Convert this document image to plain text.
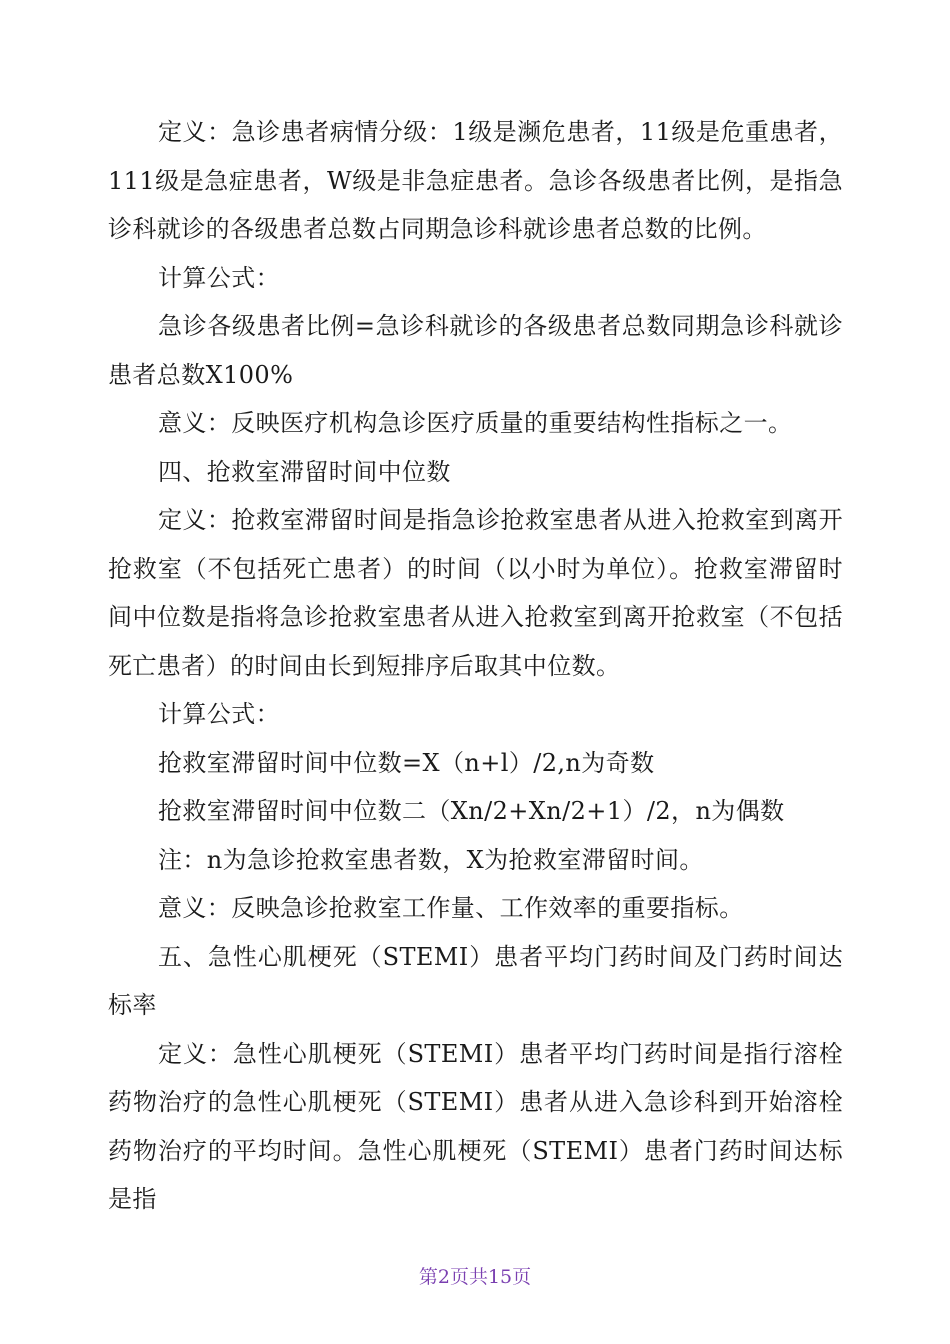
定义：急诊患者病情分级：1级是濒危患者，11级是危重患者，111级是急症患者，W级是非急症患者。急诊各级患者比例，是指急诊科就诊的各级患者总数占同期急诊科就诊患者总数的比例。

计算公式：

急诊各级患者比例=急诊科就诊的各级患者总数同期急诊科就诊患者总数X100%

意义：反映医疗机构急诊医疗质量的重要结构性指标之一。

四、抢救室滞留时间中位数

定义：抢救室滞留时间是指急诊抢救室患者从进入抢救室到离开抢救室（不包括死亡患者）的时间（以小时为单位）。抢救室滞留时间中位数是指将急诊抢救室患者从进入抢救室到离开抢救室（不包括死亡患者）的时间由长到短排序后取其中位数。

计算公式：

抢救室滞留时间中位数=X（n+l）/2,n为奇数

抢救室滞留时间中位数二（Xn/2+Xn/2+1）/2，n为偶数

注：n为急诊抢救室患者数，X为抢救室滞留时间。

意义：反映急诊抢救室工作量、工作效率的重要指标。

五、急性心肌梗死（STEMI）患者平均门药时间及门药时间达标率

定义：急性心肌梗死（STEMI）患者平均门药时间是指行溶栓药物治疗的急性心肌梗死（STEMI）患者从进入急诊科到开始溶栓药物治疗的平均时间。急性心肌梗死（STEMI）患者门药时间达标是指

第2页共15页
